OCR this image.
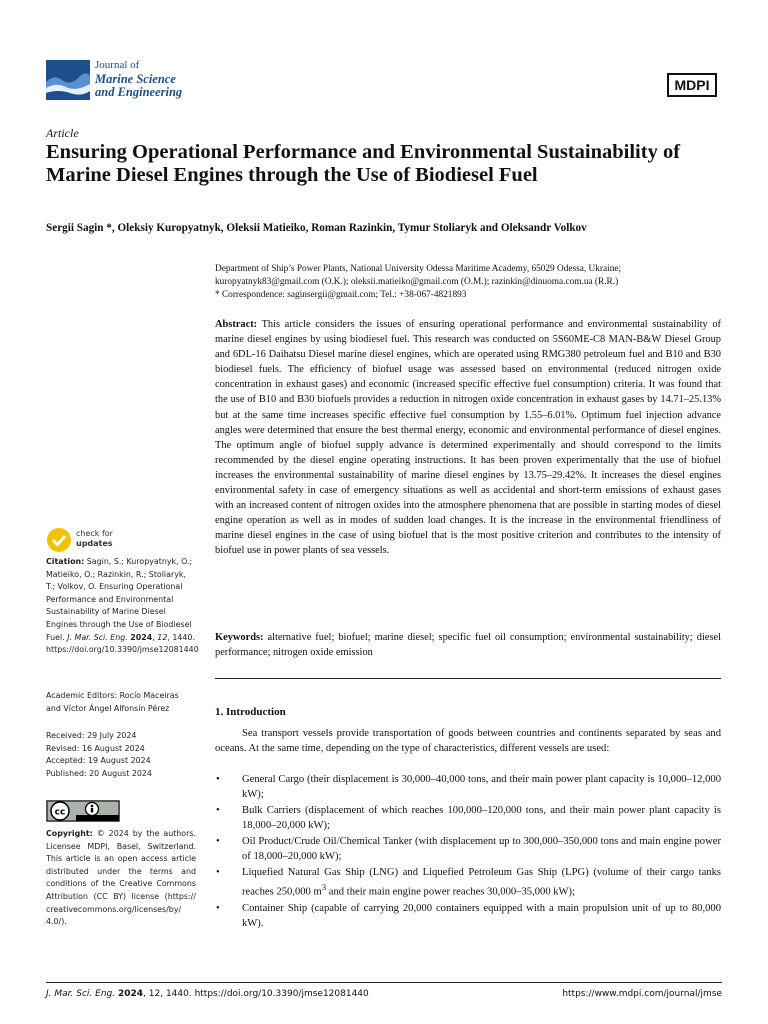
Journal of
Marine Science
and Engineering	MDPI
Article
Ensuring Operational Performance and Environmental Sustainability of Marine Diesel Engines through the Use of Biodiesel Fuel
Sergii Sagin *, Oleksiy Kuropyatnyk, Oleksii Matieiko, Roman Razinkin, Tymur Stoliaryk and Oleksandr Volkov
Department of Ship’s Power Plants, National University Odessa Maritime Academy, 65029 Odessa, Ukraine;
kuropyatnyk83@gmail.com (O.K.); oleksii.matieiko@gmail.com (O.M.); razinkin@dinuoma.com.ua (R.R.)
* Correspondence: saginsergii@gmail.com; Tel.: +38-067-4821893
Abstract: This article considers the issues of ensuring operational performance and environmental sustainability of marine diesel engines by using biodiesel fuel. This research was conducted on 5S60ME-C8 MAN-B&W Diesel Group and 6DL-16 Daihatsu Diesel marine diesel engines, which are operated using RMG380 petroleum fuel and B10 and B30 biodiesel fuels. The efficiency of biofuel usage was assessed based on environmental (reduced nitrogen oxide concentration in exhaust gases) and economic (increased specific effective fuel consumption) criteria. It was found that the use of B10 and B30 biofuels provides a reduction in nitrogen oxide concentration in exhaust gases by 14.71–25.13% but at the same time increases specific effective fuel consumption by 1.55–6.01%. Optimum fuel injection advance angles were determined that ensure the best thermal energy, economic and environmental performance of diesel engines. The optimum angle of biofuel supply advance is determined experimentally and should correspond to the limits recommended by the diesel engine operating instructions. It has been proven experimentally that the use of biofuel increases the environmental sustainability of marine diesel engines by 13.75–29.42%. It increases the diesel engines environmental safety in case of emergency situations as well as accidental and short-term emissions of exhaust gases with an increased content of nitrogen oxides into the atmosphere phenomena that are possible in starting modes of diesel engine operation as well as in modes of sudden load changes. It is the increase in the environmental friendliness of marine diesel engines in the case of using biofuel that is the most positive criterion and contributes to the intensity of biofuel use in power plants of sea vessels.
Keywords: alternative fuel; biofuel; marine diesel; specific fuel oil consumption; environmental sustainability; diesel performance; nitrogen oxide emission
check for
updates
Citation: Sagin, S.; Kuropyatnyk, O.; Matieiko, O.; Razinkin, R.; Stoliaryk, T.; Volkov, O. Ensuring Operational Performance and Environmental Sustainability of Marine Diesel Engines through the Use of Biodiesel Fuel. J. Mar. Sci. Eng. 2024, 12, 1440. https://doi.org/10.3390/jmse12081440
Academic Editors: Rocío Maceiras and Víctor Ángel Alfonsín Pérez
Received: 29 July 2024
Revised: 16 August 2024
Accepted: 19 August 2024
Published: 20 August 2024
cc
Copyright: © 2024 by the authors. Licensee MDPI, Basel, Switzerland. This article is an open access article distributed under the terms and conditions of the Creative Commons Attribution (CC BY) license (https:// creativecommons.org/licenses/by/ 4.0/).
1. Introduction
Sea transport vessels provide transportation of goods between countries and continents separated by seas and oceans. At the same time, depending on the type of characteristics, different vessels are used:
• General Cargo (their displacement is 30,000–40,000 tons, and their main power plant capacity is 10,000–12,000 kW);
• Bulk Carriers (displacement of which reaches 100,000–120,000 tons, and their main power plant capacity is 18,000–20,000 kW);
• Oil Product/Crude Oil/Chemical Tanker (with displacement up to 300,000–350,000 tons and main engine power of 18,000–20,000 kW);
• Liquefied Natural Gas Ship (LNG) and Liquefied Petroleum Gas Ship (LPG) (volume of their cargo tanks reaches 250,000 $m^3$ and their main engine power reaches 30,000–35,000 kW);
• Container Ship (capable of carrying 20,000 containers equipped with a main propulsion unit of up to 80,000 kW).
J. Mar. Sci. Eng. 2024, 12, 1440. https://doi.org/10.3390/jmse12081440	https://www.mdpi.com/journal/jmse
